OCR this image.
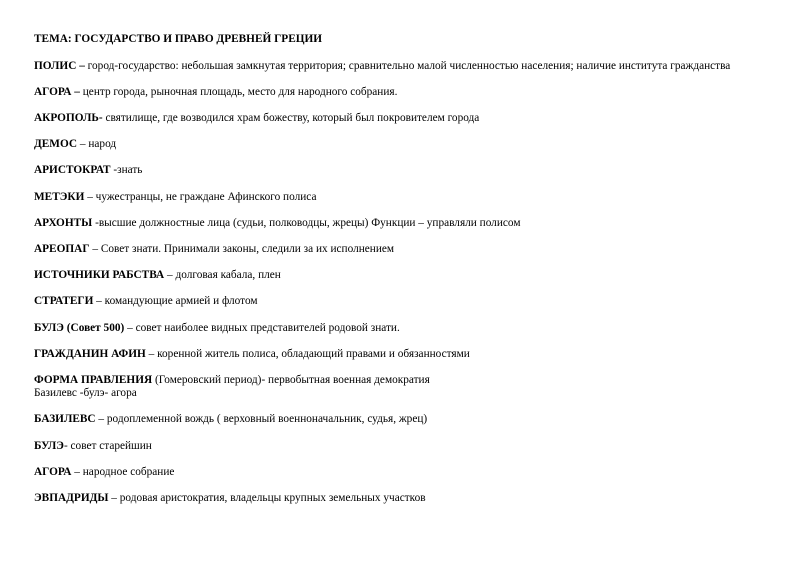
ТЕМА: ГОСУДАРСТВО И ПРАВО ДРЕВНЕЙ ГРЕЦИИ
ПОЛИС – город-государство: небольшая замкнутая территория; сравнительно малой численностью населения; наличие института гражданства
АГОРА – центр города, рыночная площадь, место для народного собрания.
АКРОПОЛЬ- святилище, где возводился храм божеству, который был покровителем города
ДЕМОС – народ
АРИСТОКРАТ -знать
МЕТЭКИ – чужестранцы, не граждане Афинского полиса
АРХОНТЫ -высшие должностные лица (судьи, полководцы, жрецы) Функции – управляли полисом
АРЕОПАГ – Совет знати. Принимали законы, следили за их исполнением
ИСТОЧНИКИ РАБСТВА – долговая кабала, плен
СТРАТЕГИ – командующие армией и флотом
БУЛЭ (Совет 500) – совет наиболее видных представителей родовой знати.
ГРАЖДАНИН АФИН – коренной житель полиса, обладающий правами и обязанностями
ФОРМА ПРАВЛЕНИЯ (Гомеровский период)- первобытная военная демократия
Базилевс -булэ- агора
БАЗИЛЕВС – родоплеменной вождь ( верховный военноначальник, судья, жрец)
БУЛЭ- совет старейшин
АГОРА – народное собрание
ЭВПАДРИДЫ – родовая аристократия, владельцы крупных земельных участков
